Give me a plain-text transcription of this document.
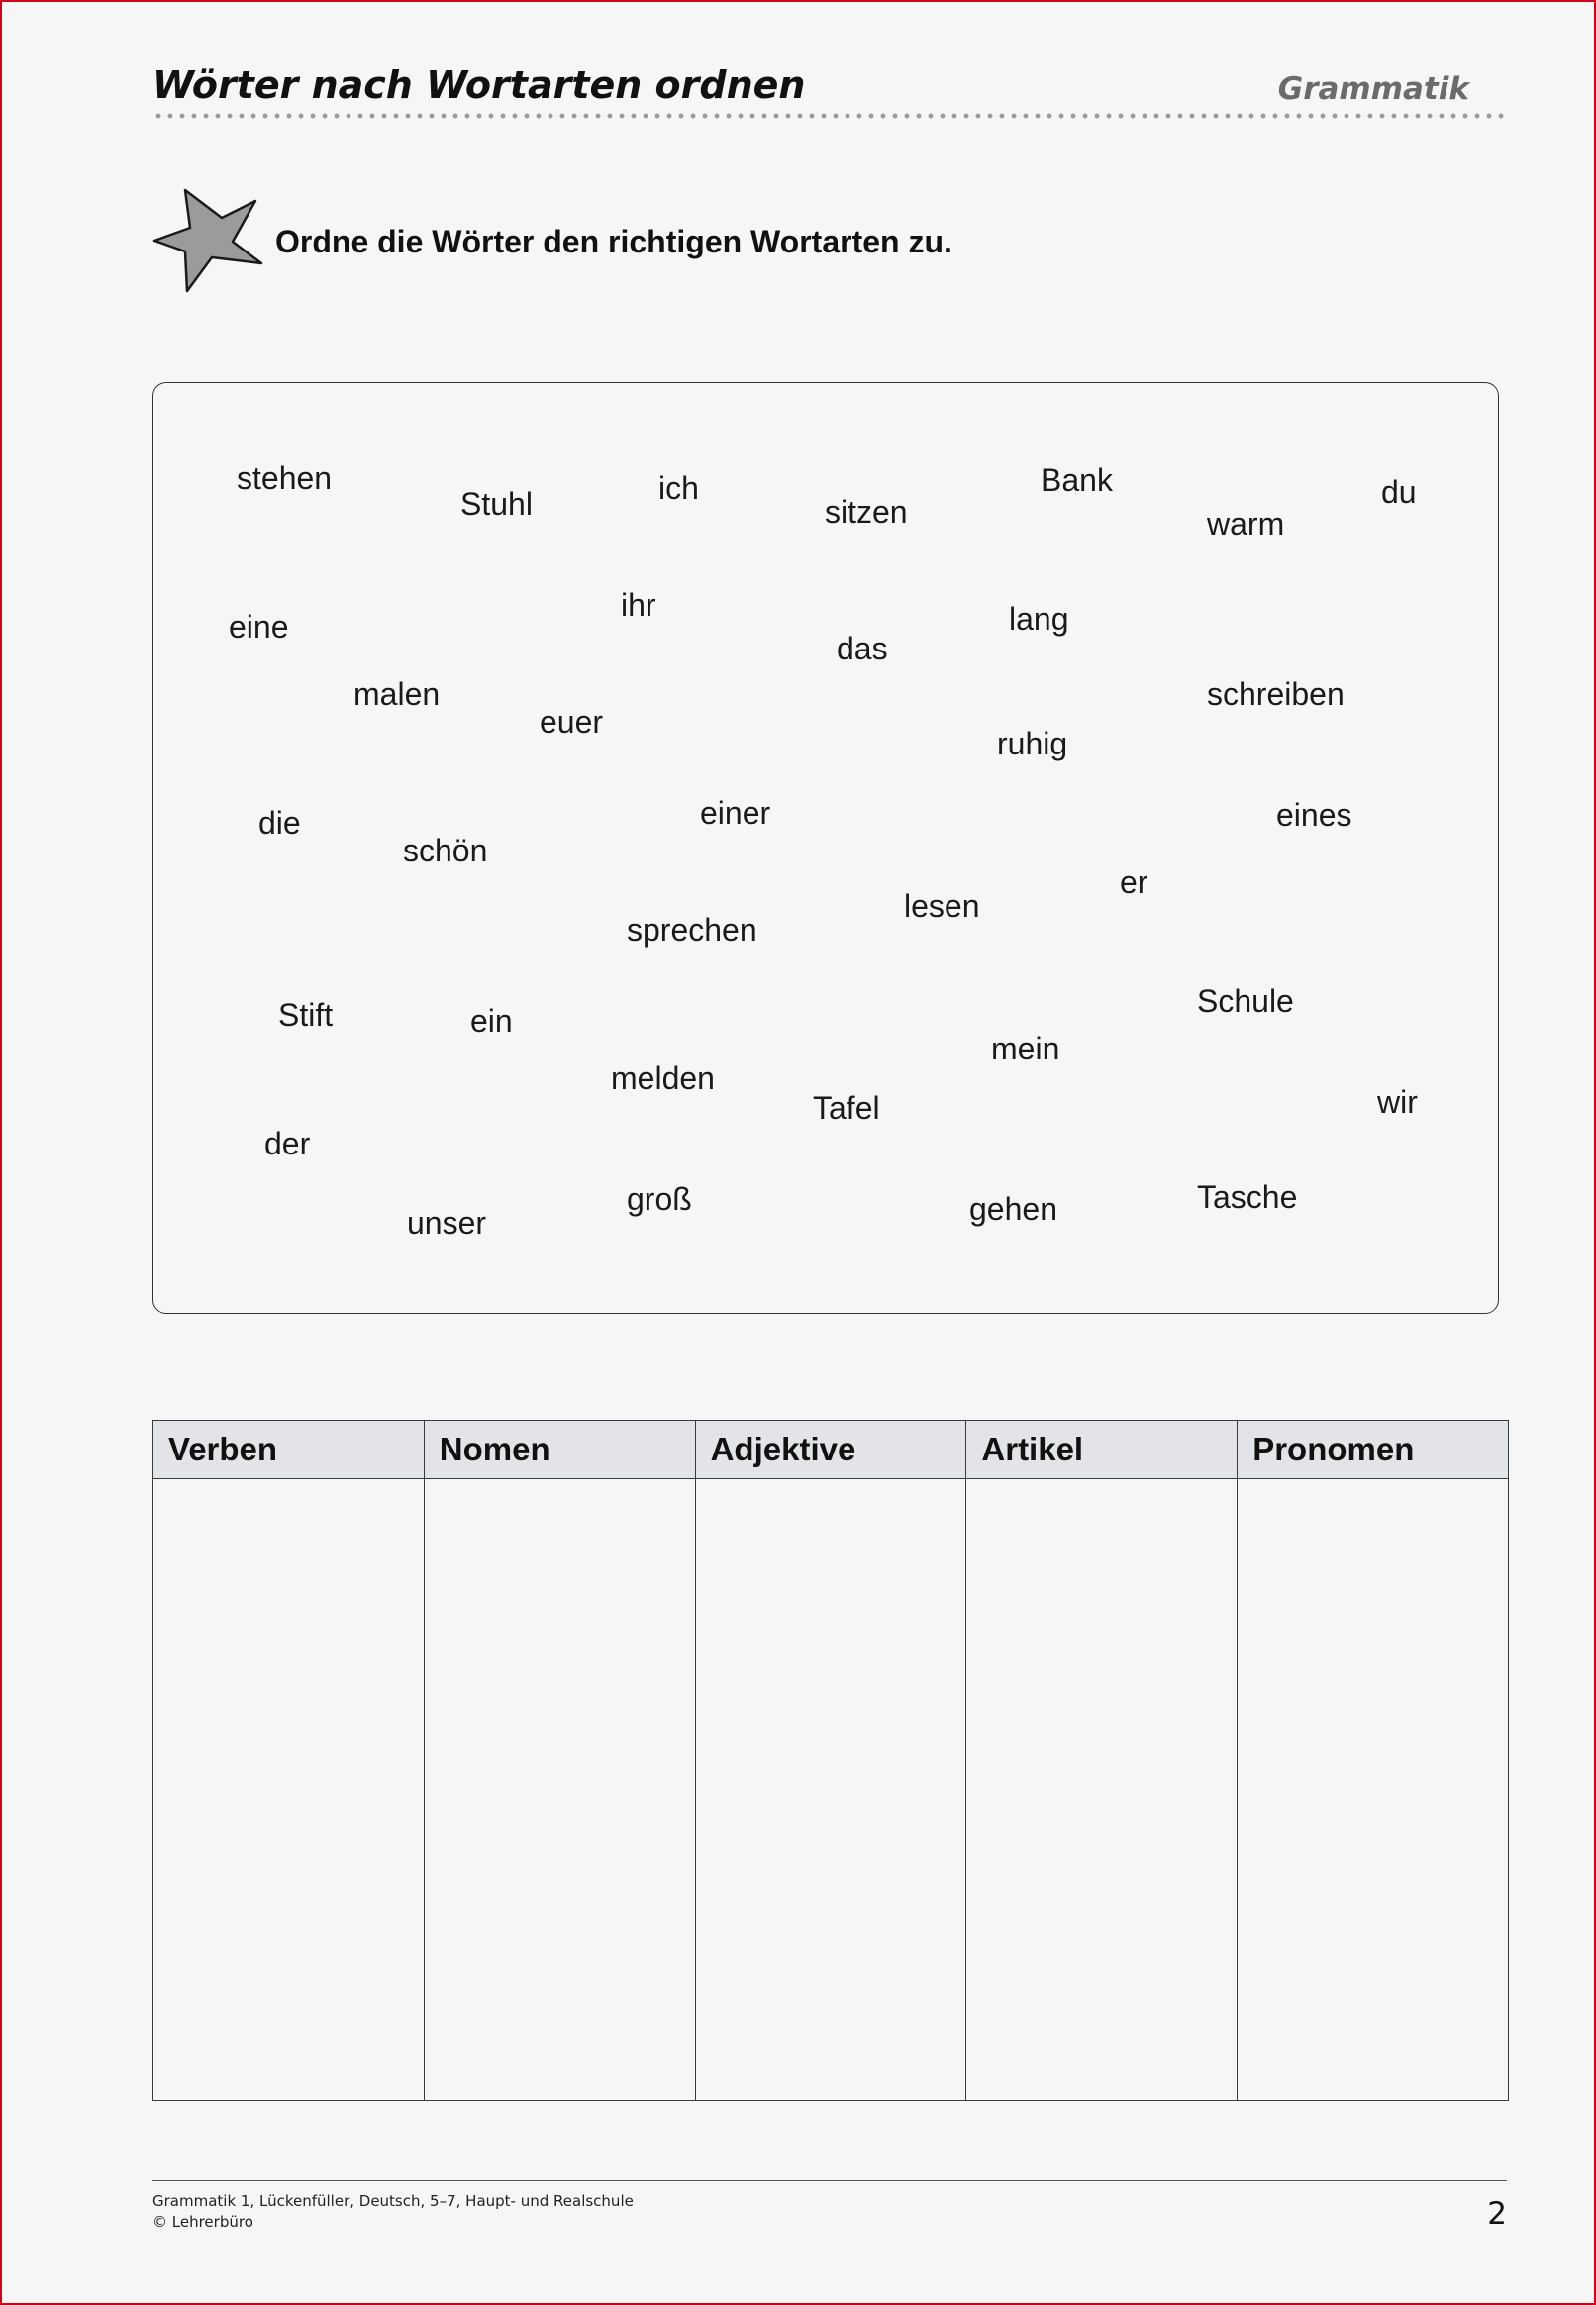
Wörter nach Wortarten ordnen	Grammatik
Ordne die Wörter den richtigen Wortarten zu.
stehen
Stuhl	ich
sitzen
Bank
warm
du
eine
ihr
das
lang
malen
euer
schreiben
ruhig
die
schön
einer	eines
lesen
er
sprechen
Stift	ein
Schule
mein
melden
Tafel	wir
der
unser
groß	gehen	Tasche
Verben	Nomen	Adjektive	Artikel	Pronomen

Grammatik 1, Lückenfüller, Deutsch, 5–7, Haupt- und Realschule
© Lehrerbüro	2
